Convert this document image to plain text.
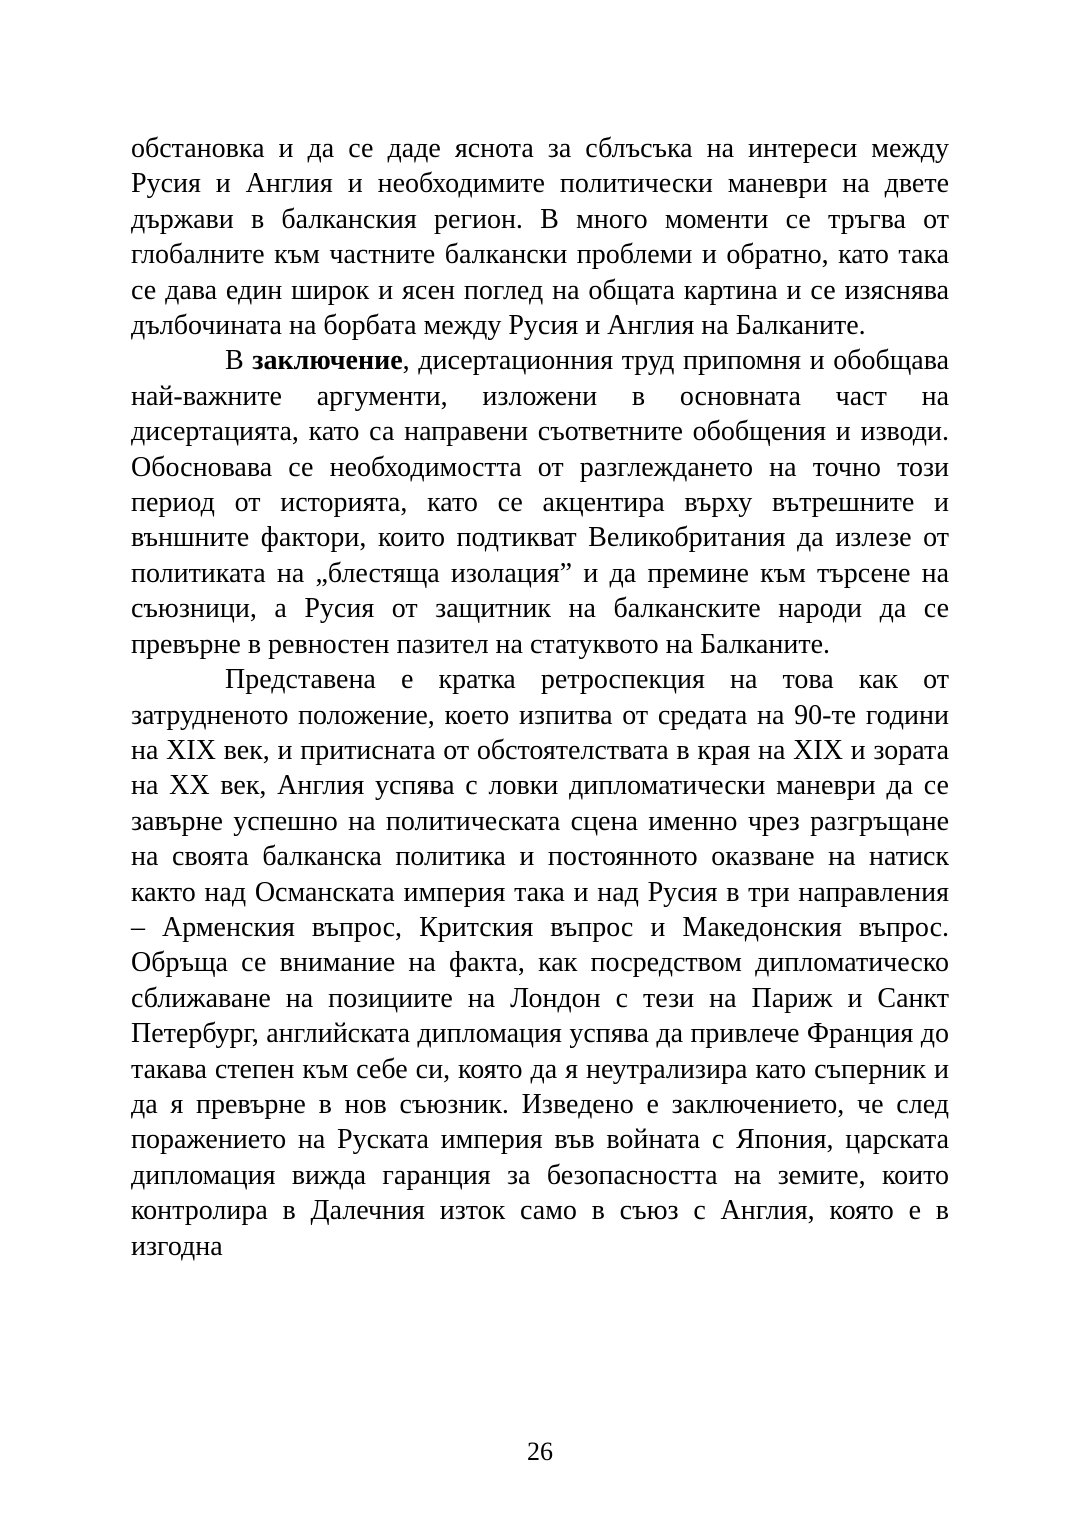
обстановка и да се даде яснота за сблъсъка на интереси между Русия и Англия и необходимите политически маневри на двете държави в балканския регион. В много моменти се тръгва от глобалните към частните балкански проблеми и обратно, като така се дава един широк и ясен поглед на общата картина и се изяснява дълбочината на борбата между Русия и Англия на Балканите.

В заключение, дисертационния труд припомня и обобщава най-важните аргументи, изложени в основната част на дисертацията, като са направени съответните обобщения и изводи. Обосновава се необходимостта от разглеждането на точно този период от историята, като се акцентира върху вътрешните и външните фактори, които подтикват Великобритания да излезе от политиката на „блестяща изолация” и да премине към търсене на съюзници, а Русия от защитник на балканските народи да се превърне в ревностен пазител на статуквото на Балканите.

Представена е кратка ретроспекция на това как от затрудненото положение, което изпитва от средата на 90-те години на XIX век, и притисната от обстоятелствата в края на XIX и зората на XX век, Англия успява с ловки дипломатически маневри да се завърне успешно на политическата сцена именно чрез разгръщане на своята балканска политика и постоянното оказване на натиск както над Османската империя така и над Русия в три направления – Арменския въпрос, Критския въпрос и Македонския въпрос. Обръща се внимание на факта, как посредством дипломатическо сближаване на позициите на Лондон с тези на Париж и Санкт Петербург, английската дипломация успява да привлече Франция до такава степен към себе си, която да я неутрализира като съперник и да я превърне в нов съюзник. Изведено е заключението, че след поражението на Руската империя във войната с Япония, царската дипломация вижда гаранция за безопасността на земите, които контролира в Далечния изток само в съюз с Англия, която е в изгодна

26
